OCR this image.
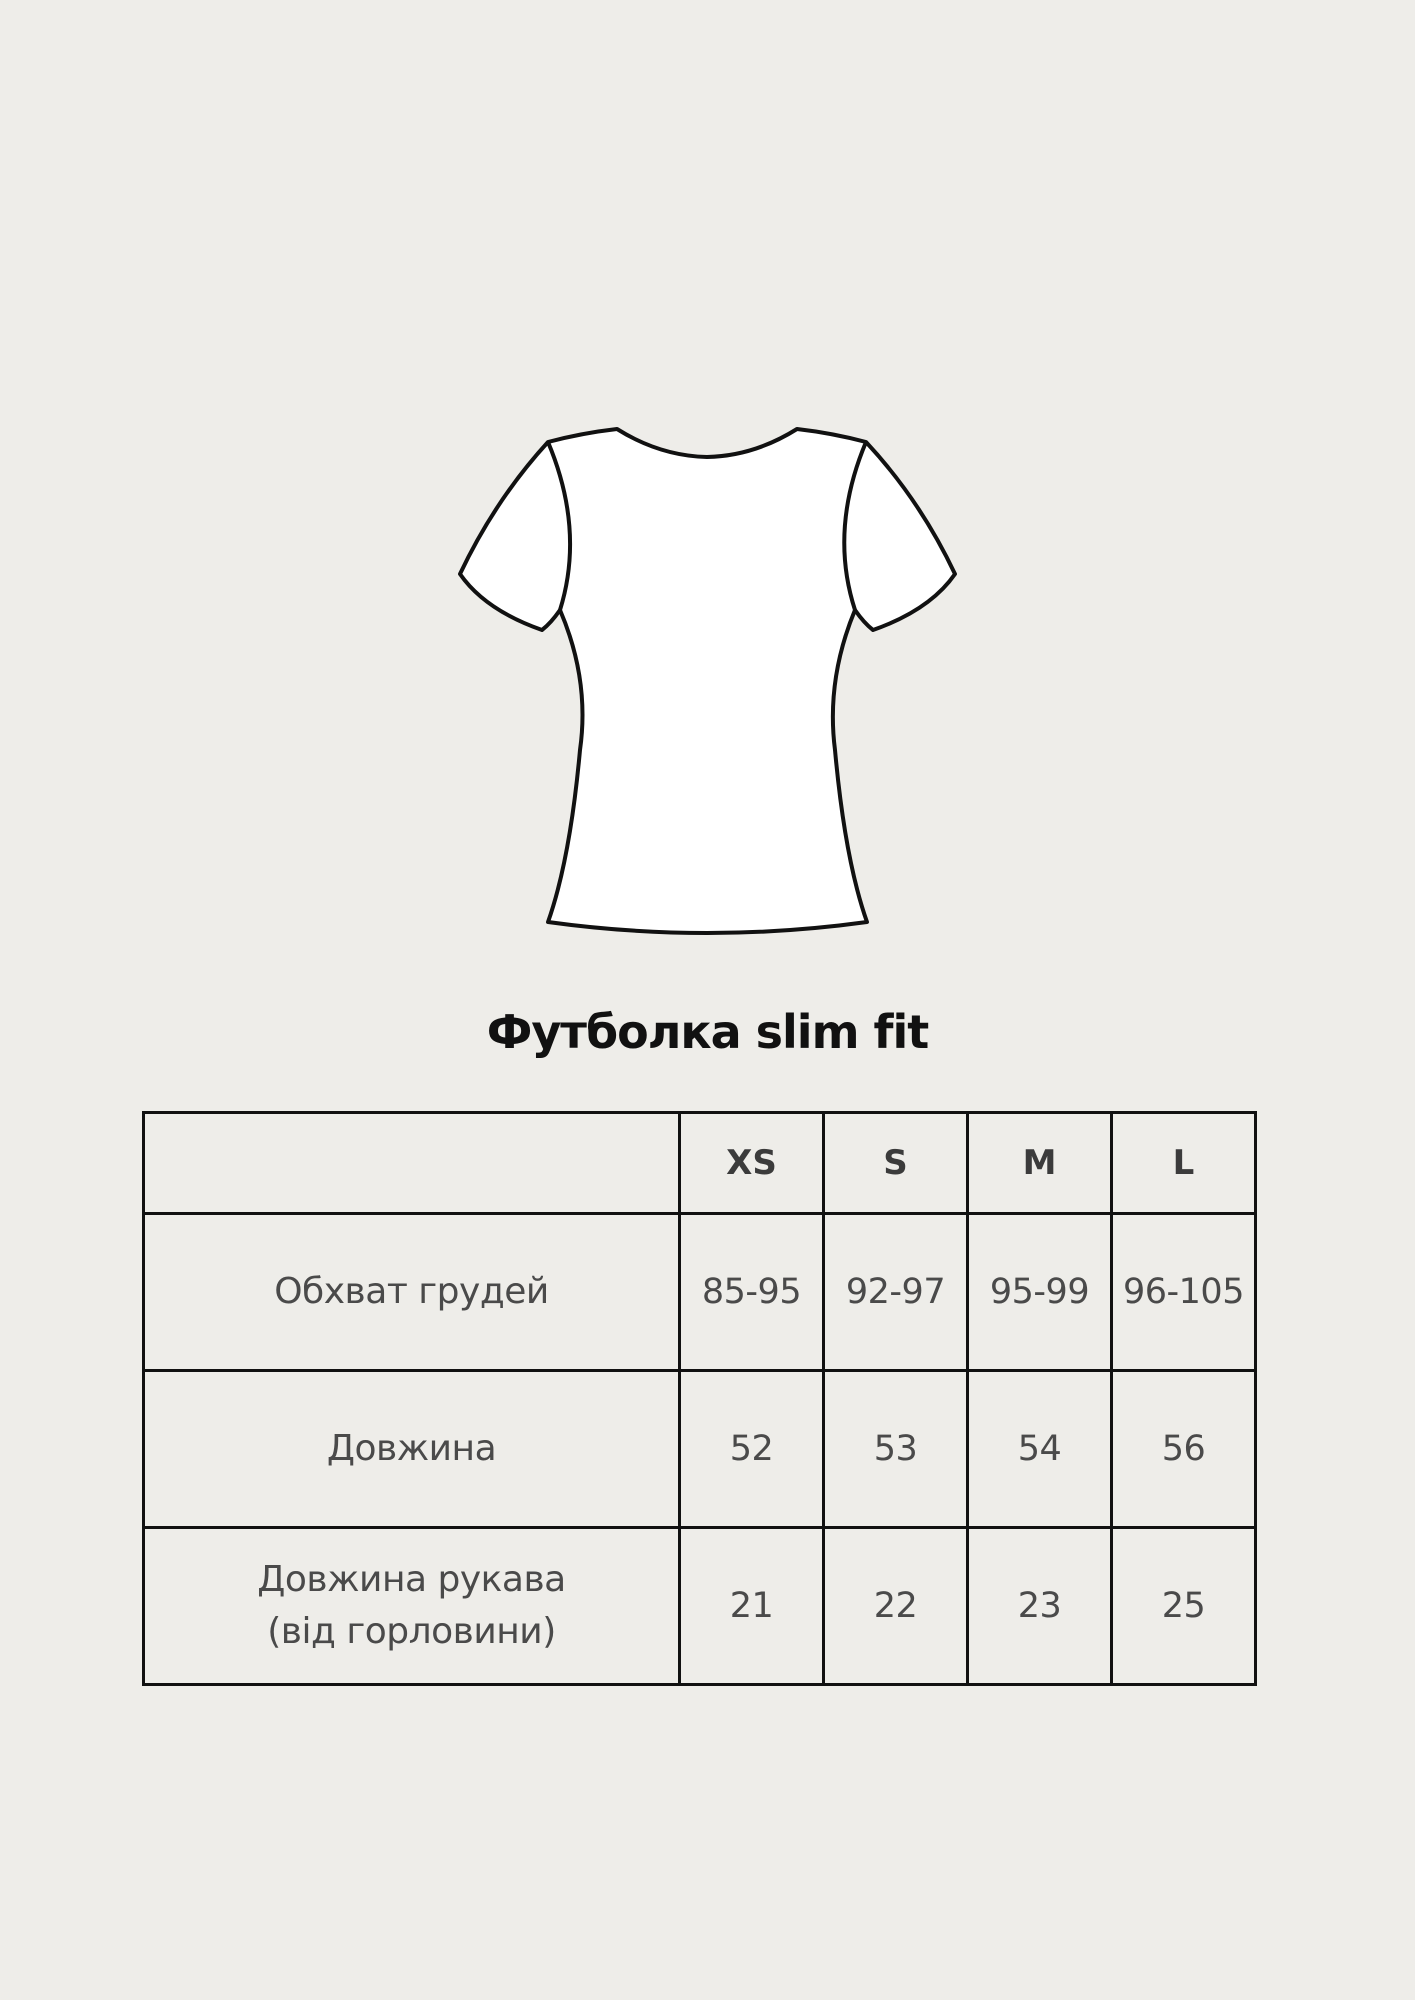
Футболка slim fit
	XS	S	M	L

Обхват грудей	85-95	92-97	95-99	96-105

Довжина	52	53	54	56

Довжина рукава
(від горловини)	21	22	23	25
